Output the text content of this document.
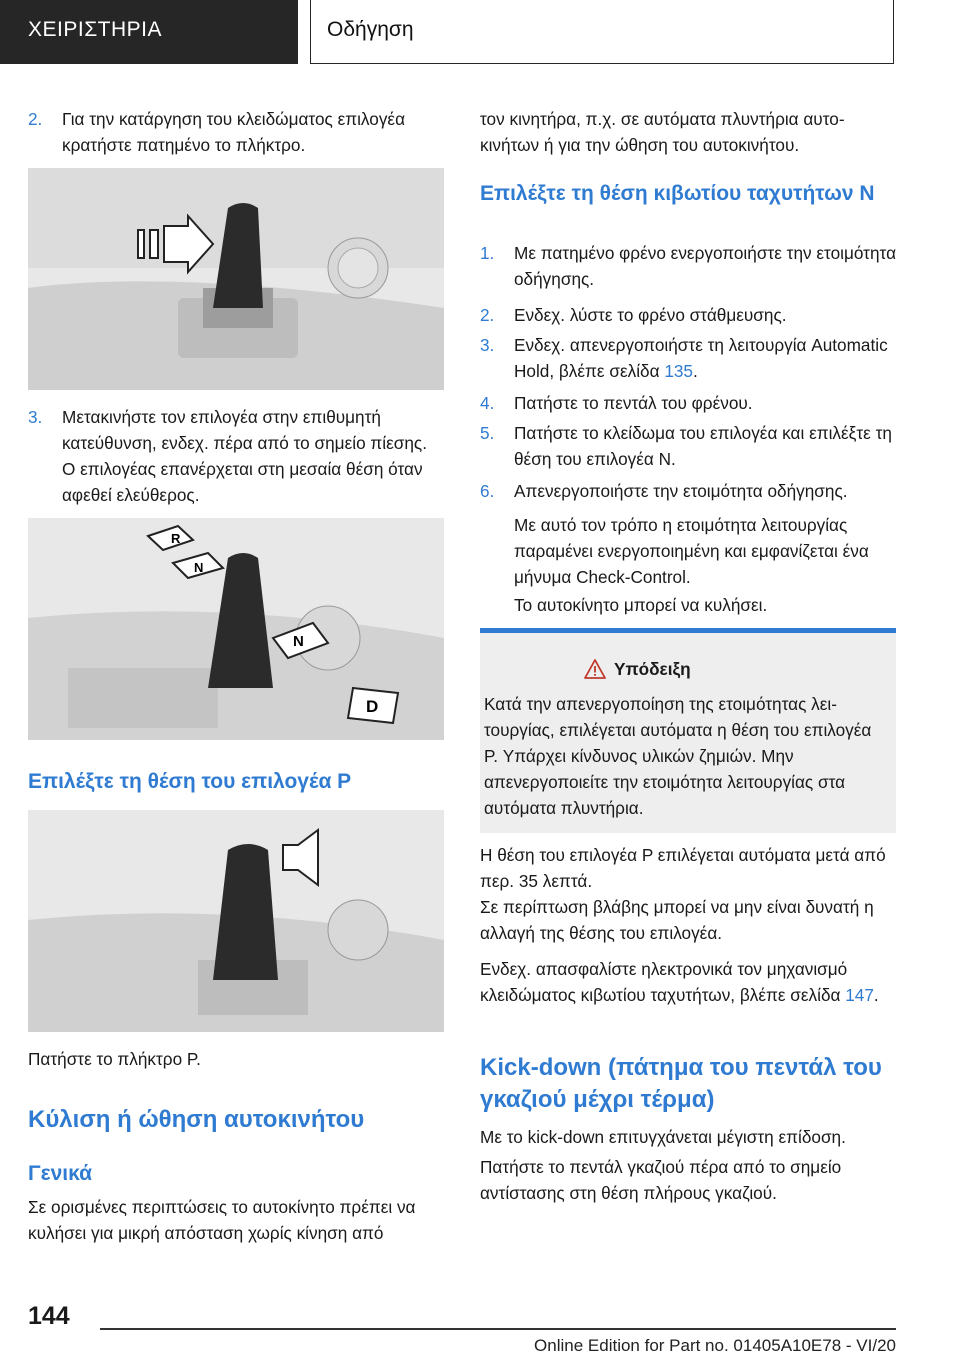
ΧΕΙΡΙΣΤΗΡΙΑ	Οδήγηση
2.	Για την κατάργηση του κλειδώματος επιλογέα κρατήστε πατημένο το πλήκτρο.
3.	Μετακινήστε τον επιλογέα στην επιθυμητή κατεύθυνση, ενδεχ. πέρα από το σημείο πίεσης. Ο επιλογέας επανέρχεται στη μεσαία θέση όταν αφεθεί ελεύθερος.
R
N
N
D
Επιλέξτε τη θέση του επιλογέα P
Πατήστε το πλήκτρο P.
Κύλιση ή ώθηση αυτοκινήτου
Γενικά
Σε ορισμένες περιπτώσεις το αυτοκίνητο πρέπει να κυλήσει για μικρή απόσταση χωρίς κίνηση από
τον κινητήρα, π.χ. σε αυτόματα πλυντήρια αυτοκινήτων ή για την ώθηση του αυτοκινήτου.
Επιλέξτε τη θέση κιβωτίου ταχυτήτων N
1.	Με πατημένο φρένο ενεργοποιήστε την ετοιμότητα οδήγησης.
2.	Ενδεχ. λύστε το φρένο στάθμευσης.
3.	Ενδεχ. απενεργοποιήστε τη λειτουργία Automatic Hold, βλέπε σελίδα 135.
4.	Πατήστε το πεντάλ του φρένου.
5.	Πατήστε το κλείδωμα του επιλογέα και επιλέξτε τη θέση του επιλογέα N.
6.	Απενεργοποιήστε την ετοιμότητα οδήγησης.
Με αυτό τον τρόπο η ετοιμότητα λειτουργίας παραμένει ενεργοποιημένη και εμφανίζεται ένα μήνυμα Check-Control.
Το αυτοκίνητο μπορεί να κυλήσει.
Υπόδειξη
Κατά την απενεργοποίηση της ετοιμότητας λειτουργίας, επιλέγεται αυτόματα η θέση του επιλογέα P. Υπάρχει κίνδυνος υλικών ζημιών. Μην απενεργοποιείτε την ετοιμότητα λειτουργίας στα αυτόματα πλυντήρια.
Η θέση του επιλογέα P επιλέγεται αυτόματα μετά από περ. 35 λεπτά.
Σε περίπτωση βλάβης μπορεί να μην είναι δυνατή η αλλαγή της θέσης του επιλογέα.
Ενδεχ. απασφαλίστε ηλεκτρονικά τον μηχανισμό κλειδώματος κιβωτίου ταχυτήτων, βλέπε σελίδα 147.
Kick-down (πάτημα του πεντάλ του γκαζιού μέχρι τέρμα)
Με το kick-down επιτυγχάνεται μέγιστη επίδοση.
Πατήστε το πεντάλ γκαζιού πέρα από το σημείο αντίστασης στη θέση πλήρους γκαζιού.
144
Online Edition for Part no. 01405A10E78 - VI/20
